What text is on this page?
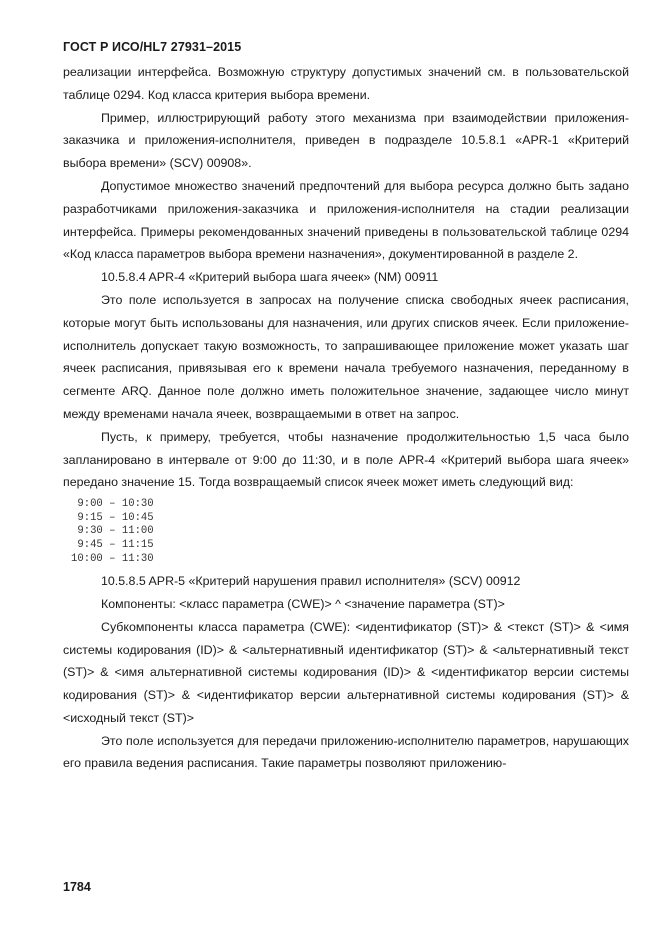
ГОСТ Р ИСО/HL7 27931–2015

реализации интерфейса. Возможную структуру допустимых значений см. в пользовательской таблице 0294. Код класса критерия выбора времени.

Пример, иллюстрирующий работу этого механизма при взаимодействии приложения-заказчика и приложения-исполнителя, приведен в подразделе 10.5.8.1 «APR-1 «Критерий выбора времени» (SCV) 00908».

Допустимое множество значений предпочтений для выбора ресурса должно быть задано разработчиками приложения-заказчика и приложения-исполнителя на стадии реализации интерфейса. Примеры рекомендованных значений приведены в пользовательской таблице 0294 «Код класса параметров выбора времени назначения», документированной в разделе 2.

10.5.8.4 APR-4 «Критерий выбора шага ячеек» (NM) 00911

Это поле используется в запросах на получение списка свободных ячеек расписания, которые могут быть использованы для назначения, или других списков ячеек. Если приложение-исполнитель допускает такую возможность, то запрашивающее приложение может указать шаг ячеек расписания, привязывая его к времени начала требуемого назначения, переданному в сегменте ARQ. Данное поле должно иметь положительное значение, задающее число минут между временами начала ячеек, возвращаемыми в ответ на запрос.

Пусть, к примеру, требуется, чтобы назначение продолжительностью 1,5 часа было запланировано в интервале от 9:00 до 11:30, и в поле APR-4 «Критерий выбора шага ячеек» передано значение 15. Тогда возвращаемый список ячеек может иметь следующий вид:

9:00 – 10:30
9:15 – 10:45
9:30 – 11:00
9:45 – 11:15
10:00 – 11:30

10.5.8.5 APR-5 «Критерий нарушения правил исполнителя» (SCV) 00912

Компоненты: <класс параметра (CWE)> ^ <значение параметра (ST)>

Субкомпоненты класса параметра (CWE): <идентификатор (ST)> & <текст (ST)> & <имя системы кодирования (ID)> & <альтернативный идентификатор (ST)> & <альтернативный текст (ST)> & <имя альтернативной системы кодирования (ID)> & <идентификатор версии системы кодирования (ST)> & <идентификатор версии альтернативной системы кодирования (ST)> & <исходный текст (ST)>

Это поле используется для передачи приложению-исполнителю параметров, нарушающих его правила ведения расписания. Такие параметры позволяют приложению-

1784
